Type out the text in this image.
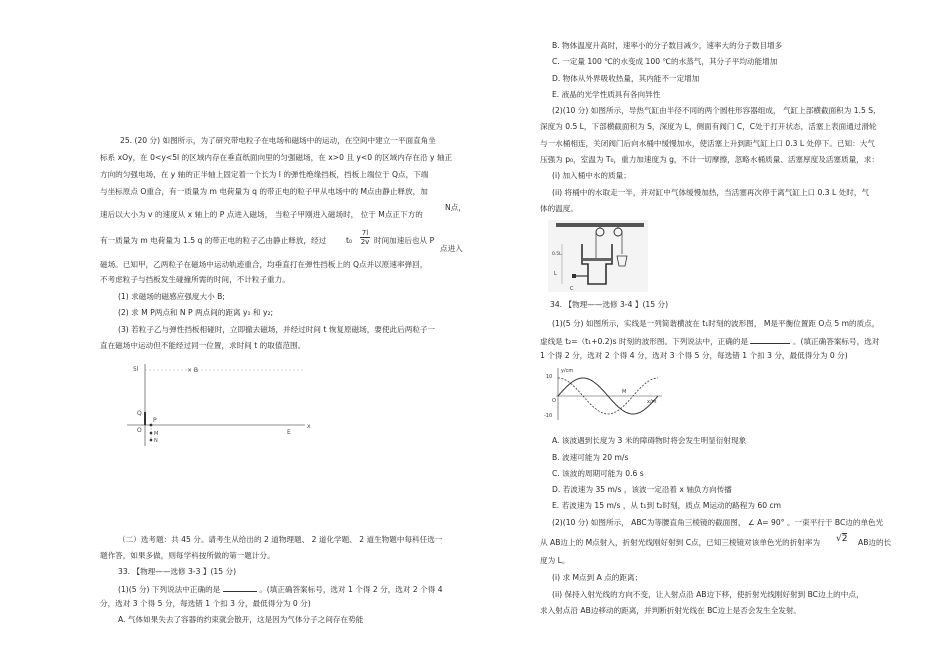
25. (20 分) 如图所示，为了研究带电粒子在电场和磁场中的运动，在空间中建立一平面直角坐
标系 xOy，在 0<y<5l 的区域内存在垂直纸面向里的匀强磁场，在 x>0 且 y<0 的区域内存在沿 y 轴正
方向的匀强电场，在 y 轴的正半轴上固定着一个长为 l 的弹性绝缘挡板，挡板上端位于 Q点，下端
与坐标原点 O重合，有一质量为 m 电荷量为 q 的带正电的粒子甲从电场中的 M点由静止释放，加
N点，
速后以大小为 v 的速度从 x 轴上的 P 点进入磁场， 当粒子甲刚进入磁场时， 位于 M点正下方的
有一质量为 m 电荷量为 1.5 q 的带正电的粒子乙由静止释放，经过	t₀
7l
2v 时间加速后也从 P
点进入
磁场。已知甲，乙两粒子在磁场中运动轨迹重合，均垂直打在弹性挡板上的 Q点并以原速率弹回，
不考虑粒子与挡板发生碰撞所需的时间，不计粒子重力。
(1) 求磁场的磁感应强度大小 B;
(2) 求 M P两点和 N P 两点间的距离 y₁ 和 y₂;
(3) 若粒子乙与弹性挡板相碰时，立即撤去磁场，并经过时间 t 恢复原磁场，要使此后两粒子一
直在磁场中运动但不能经过同一位置，求时间 t 的取值范围。
5l	× B
Q
O
P
M
N
E
x
（二）选考题：共 45 分。请考生从给出的 2 道物理题、 2 道化学题、 2 道生物题中每科任选一
题作答，如果多做，则每学科按所做的第一题计分。
33. 【物理——选修 3-3 】(15 分)
(1)(5 分) 下列说法中正确的是	。(填正确答案标号，选对 1 个得 2 分，选对 2 个得 4
分，选对 3 个得 5 分，每选错 1 个扣 3 分，最低得分为 0 分)
A. 气体如果失去了容器的约束就会散开，这是因为气体分子之间存在势能
B. 物体温度升高时，速率小的分子数目减少，速率大的分子数目增多
C. 一定量 100 ℃的水变成 100 ℃的水蒸气，其分子平均动能增加
D. 物体从外界吸收热量，其内能不一定增加
E. 液晶的光学性质具有各向异性
(2)(10 分) 如图所示，导热气缸由半径不同的两个圆柱形容器组成， 气缸上部横截面积为 1.5 S,
深度为 0.5 L，下部横截面积为 S，深度为 L，侧面有阀门 C，C处于打开状态，活塞上表面通过滑轮
与一水桶相连，关闭阀门后向水桶中缓慢加水，使活塞上升到距气缸上口 0.3 L 处停下。已知：大气
压强为 p₀，室温为 T₀，重力加速度为 g，不计一切摩擦，忽略水桶质量、活塞厚度及活塞质量，求：
(i) 加入桶中水的质量；
(ii) 将桶中的水取走一半，并对缸中气体缓慢加热，当活塞再次停于离气缸上口 0.3 L 处时，气
体的温度。
C
L
0.5L
34. 【物理——选修 3-4 】(15 分)
(1)(5 分) 如图所示，实线是一列简谐横波在 t₁时刻的波形图， M是平衡位置距 O点 5 m的质点，
虚线是 t₂=（t₁+0.2)s 时刻的波形图。下列说法中，正确的是	。(填正确答案标号，选对
1 个得 2 分，选对 2 个得 4 分，选对 3 个得 5 分，每选错 1 个扣 3 分，最低得分为 0 分)
y/cm
10
-10
O
M
x/m
A. 该波遇到长度为 3 米的障碍物时将会发生明显衍射现象
B. 波速可能为 20 m/s
C. 该波的周期可能为 0.6 s
D. 若波速为 35 m/s ，该波一定沿着 x 轴负方向传播
E. 若波速为 15 m/s ，从 t₁到 t₂时刻，质点 M运动的路程为 60 cm
(2)(10 分) 如图所示， ABC为等腰直角三棱镜的截面图， ∠ A= 90° 。一束平行于 BC边的单色光
从 AB边上的 M点射入，折射光线刚好射到 C点，已知三棱镜对该单色光的折射率为 √2 AB边的长
度为 L。
(i) 求 M点到 A 点的距离；
(ii) 保持入射光线的方向不变，让入射点沿 AB边下移，使折射光线刚好射到 BC边上的中点，
求入射点沿 AB边移动的距离，并判断折射光线在 BC边上是否会发生全发射。
